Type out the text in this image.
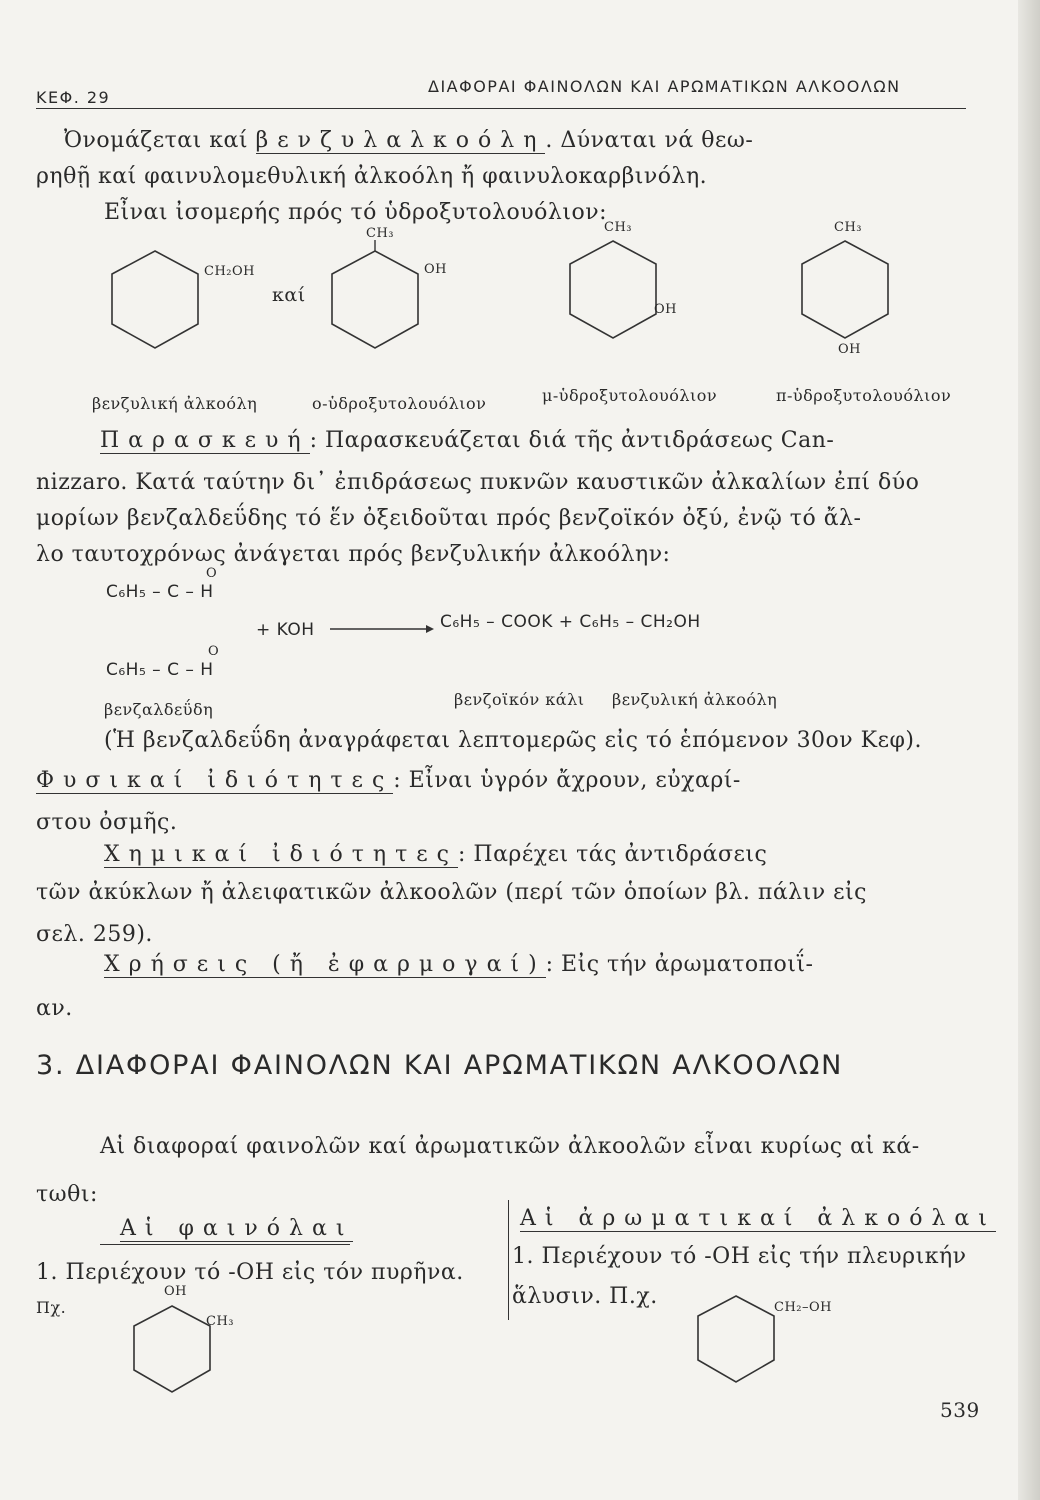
ΚΕΦ. 29
ΔΙΑΦΟΡΑΙ ΦΑΙΝΟΛΩΝ ΚΑΙ ΑΡΩΜΑΤΙΚΩΝ ΑΛΚΟΟΛΩΝ
Ὀνομάζεται καί βενζυλαλκοόλη. Δύναται νά θεω-
ρηθῇ καί φαινυλομεθυλική ἀλκοόλη ἤ φαινυλοκαρβινόλη.
Εἶναι ἰσομερής πρός τό ὑδροξυτολουόλιον:
CH₂OH
καί
CH₃
OH
CH₃
OH
CH₃
OH
βενζυλική ἀλκοόλη	ο-ὑδροξυτολουόλιον	μ-ὑδροξυτολουόλιον	π-ὑδροξυτολουόλιον
Παρασκευή: Παρασκευάζεται διά τῆς ἀντιδράσεως Can-
nizzaro. Κατά ταύτην δι᾽ ἐπιδράσεως πυκνῶν καυστικῶν ἀλκαλίων ἐπί δύο
μορίων βενζαλδεΰδης τό ἕν ὀξειδοῦται πρός βενζοϊκόν ὀξύ, ἐνῷ τό ἄλ-
λο ταυτοχρόνως ἀνάγεται πρός βενζυλικήν ἀλκοόλην:
O
C₆H₅ – C – H
+ KOH	C₆H₅ – COOK + C₆H₅ – CH₂OH
O
C₆H₅ – C – H
βενζαλδεΰδη
βενζοϊκόν κάλι βενζυλική ἀλκοόλη
(Ἡ βενζαλδεΰδη ἀναγράφεται λεπτομερῶς εἰς τό ἑπόμενον 30ον Κεφ).
Φυσικαί ἰδιότητες: Εἶναι ὑγρόν ἄχρουν, εὐχαρί-
στου ὀσμῆς.
Χημικαί ἰδιότητες: Παρέχει τάς ἀντιδράσεις
τῶν ἀκύκλων ἤ ἀλειφατικῶν ἀλκοολῶν (περί τῶν ὁποίων βλ. πάλιν εἰς
σελ. 259).
Χρήσεις (ἤ ἐφαρμογαί): Εἰς τήν ἀρωματοποιΐ-
αν.
3. ΔΙΑΦΟΡΑΙ ΦΑΙΝΟΛΩΝ ΚΑΙ ΑΡΩΜΑΤΙΚΩΝ ΑΛΚΟΟΛΩΝ
Αἱ διαφοραί φαινολῶν καί ἀρωματικῶν ἀλκοολῶν εἶναι κυρίως αἱ κά-
τωθι:
Αἱ φαινόλαι
1. Περιέχουν τό -ΟΗ εἰς τόν πυρῆνα.
Πχ.
OH
CH₃
Αἱ ἀρωματικαί ἀλκοόλαι
1. Περιέχουν τό -ΟΗ εἰς τήν πλευρικήν
ἅλυσιν. Π.χ.	CH₂–OH
539
